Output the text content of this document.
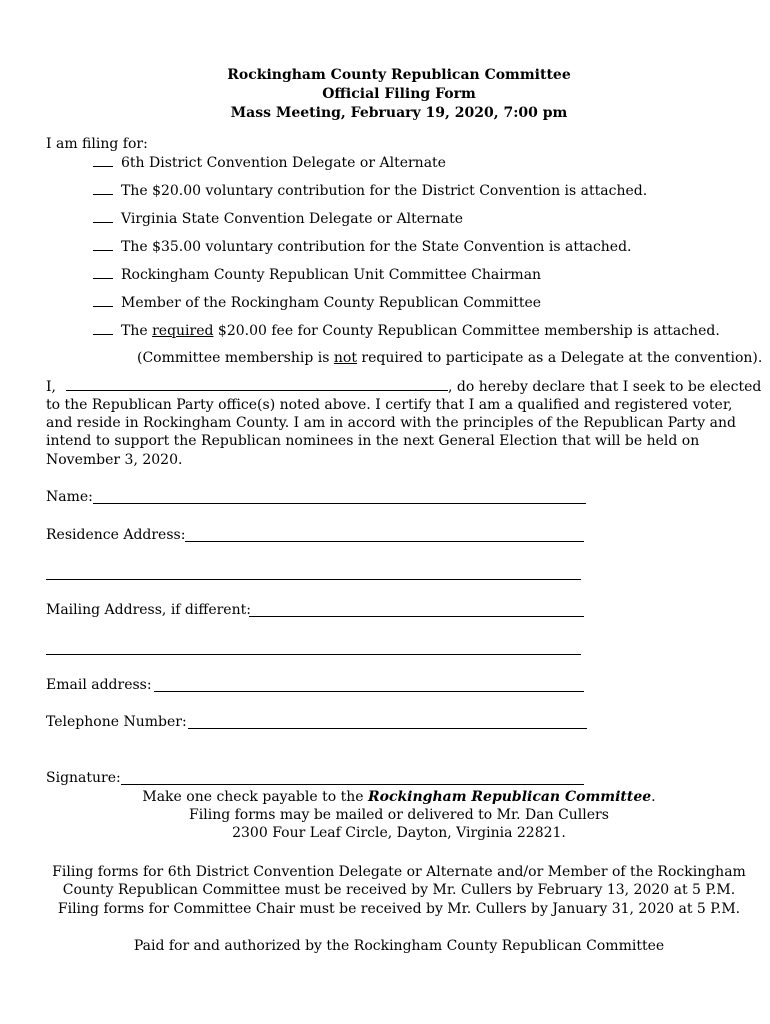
Rockingham County Republican Committee
Official Filing Form
Mass Meeting, February 19, 2020, 7:00 pm
I am filing for:
6th District Convention Delegate or Alternate
The $20.00 voluntary contribution for the District Convention is attached.
Virginia State Convention Delegate or Alternate
The $35.00 voluntary contribution for the State Convention is attached.
Rockingham County Republican Unit Committee Chairman
Member of the Rockingham County Republican Committee
The required $20.00 fee for County Republican Committee membership is attached.
(Committee membership is not required to participate as a Delegate at the convention).
I,	, do hereby declare that I seek to be elected
to the Republican Party office(s) noted above. I certify that I am a qualified and registered voter,
and reside in Rockingham County. I am in accord with the principles of the Republican Party and
intend to support the Republican nominees in the next General Election that will be held on
November 3, 2020.
Name:
Residence Address:
Mailing Address, if different:
Email address:
Telephone Number:
Signature:
Make one check payable to the Rockingham Republican Committee.
Filing forms may be mailed or delivered to Mr. Dan Cullers
2300 Four Leaf Circle, Dayton, Virginia 22821.
Filing forms for 6th District Convention Delegate or Alternate and/or Member of the Rockingham
County Republican Committee must be received by Mr. Cullers by February 13, 2020 at 5 P.M.
Filing forms for Committee Chair must be received by Mr. Cullers by January 31, 2020 at 5 P.M.
Paid for and authorized by the Rockingham County Republican Committee
